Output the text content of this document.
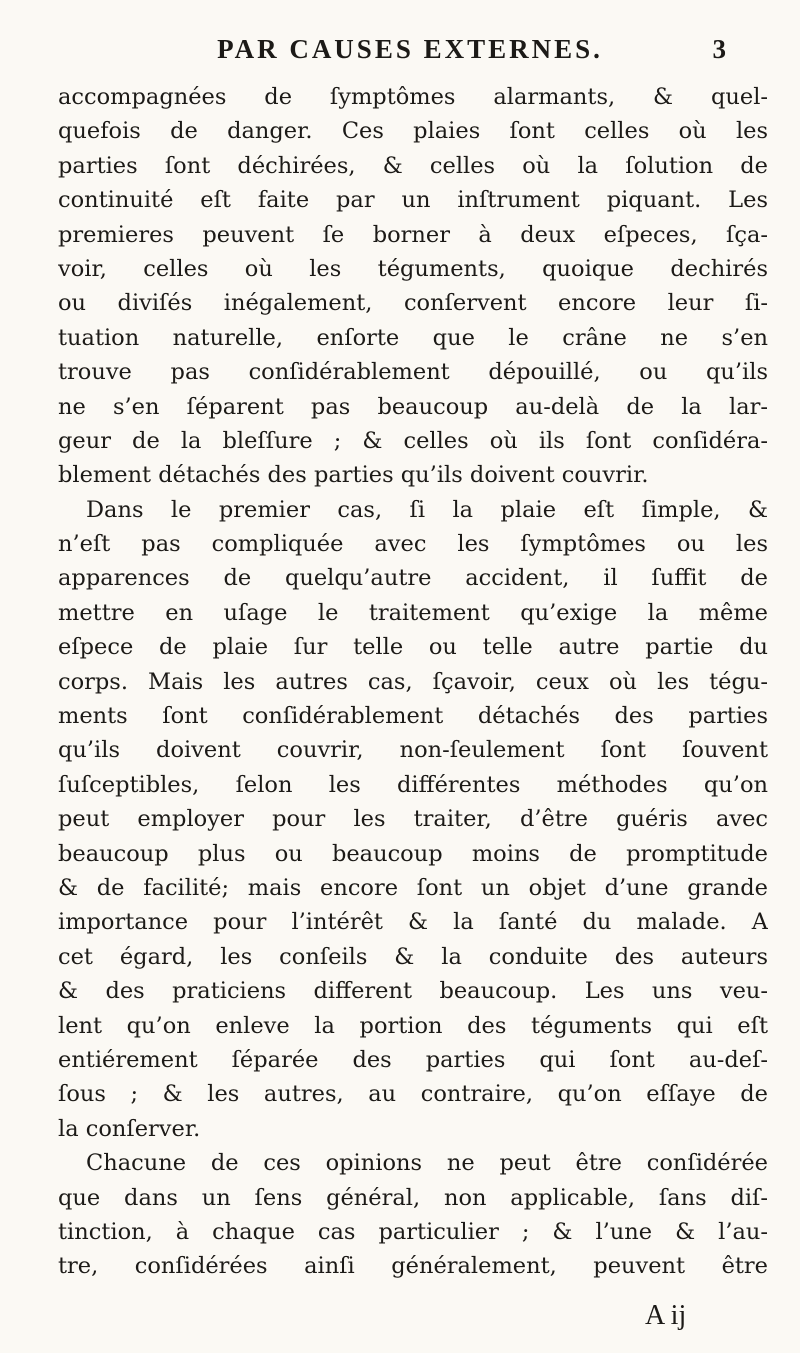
PAR CAUSES EXTERNES.	3
accompagnées de ſymptômes alarmants, & quel-
quefois de danger. Ces plaies ſont celles où les
parties ſont déchirées, & celles où la ſolution de
continuité eſt faite par un inſtrument piquant. Les
premieres peuvent ſe borner à deux eſpeces, ſça-
voir, celles où les téguments, quoique dechirés
ou diviſés inégalement, conſervent encore leur ſi-
tuation naturelle, enſorte que le crâne ne s’en
trouve pas conſidérablement dépouillé, ou qu’ils
ne s’en ſéparent pas beaucoup au-delà de la lar-
geur de la bleſſure ; & celles où ils ſont conſidéra-
blement détachés des parties qu’ils doivent couvrir.
Dans le premier cas, ſi la plaie eſt ſimple, &
n’eſt pas compliquée avec les ſymptômes ou les
apparences de quelqu’autre accident, il ſuffit de
mettre en uſage le traitement qu’exige la même
eſpece de plaie ſur telle ou telle autre partie du
corps. Mais les autres cas, ſçavoir, ceux où les tégu-
ments ſont conſidérablement détachés des parties
qu’ils doivent couvrir, non-ſeulement ſont ſouvent
ſuſceptibles, ſelon les différentes méthodes qu’on
peut employer pour les traiter, d’être guéris avec
beaucoup plus ou beaucoup moins de promptitude
& de facilité; mais encore ſont un objet d’une grande
importance pour l’intérêt & la ſanté du malade. A
cet égard, les conſeils & la conduite des auteurs
& des praticiens different beaucoup. Les uns veu-
lent qu’on enleve la portion des téguments qui eſt
entiérement ſéparée des parties qui ſont au-deſ-
ſous ; & les autres, au contraire, qu’on eſſaye de
la conſerver.
Chacune de ces opinions ne peut être conſidérée
que dans un ſens général, non applicable, ſans diſ-
tinction, à chaque cas particulier ; & l’une & l’au-
tre, conſidérées ainſi généralement, peuvent être
A ij
